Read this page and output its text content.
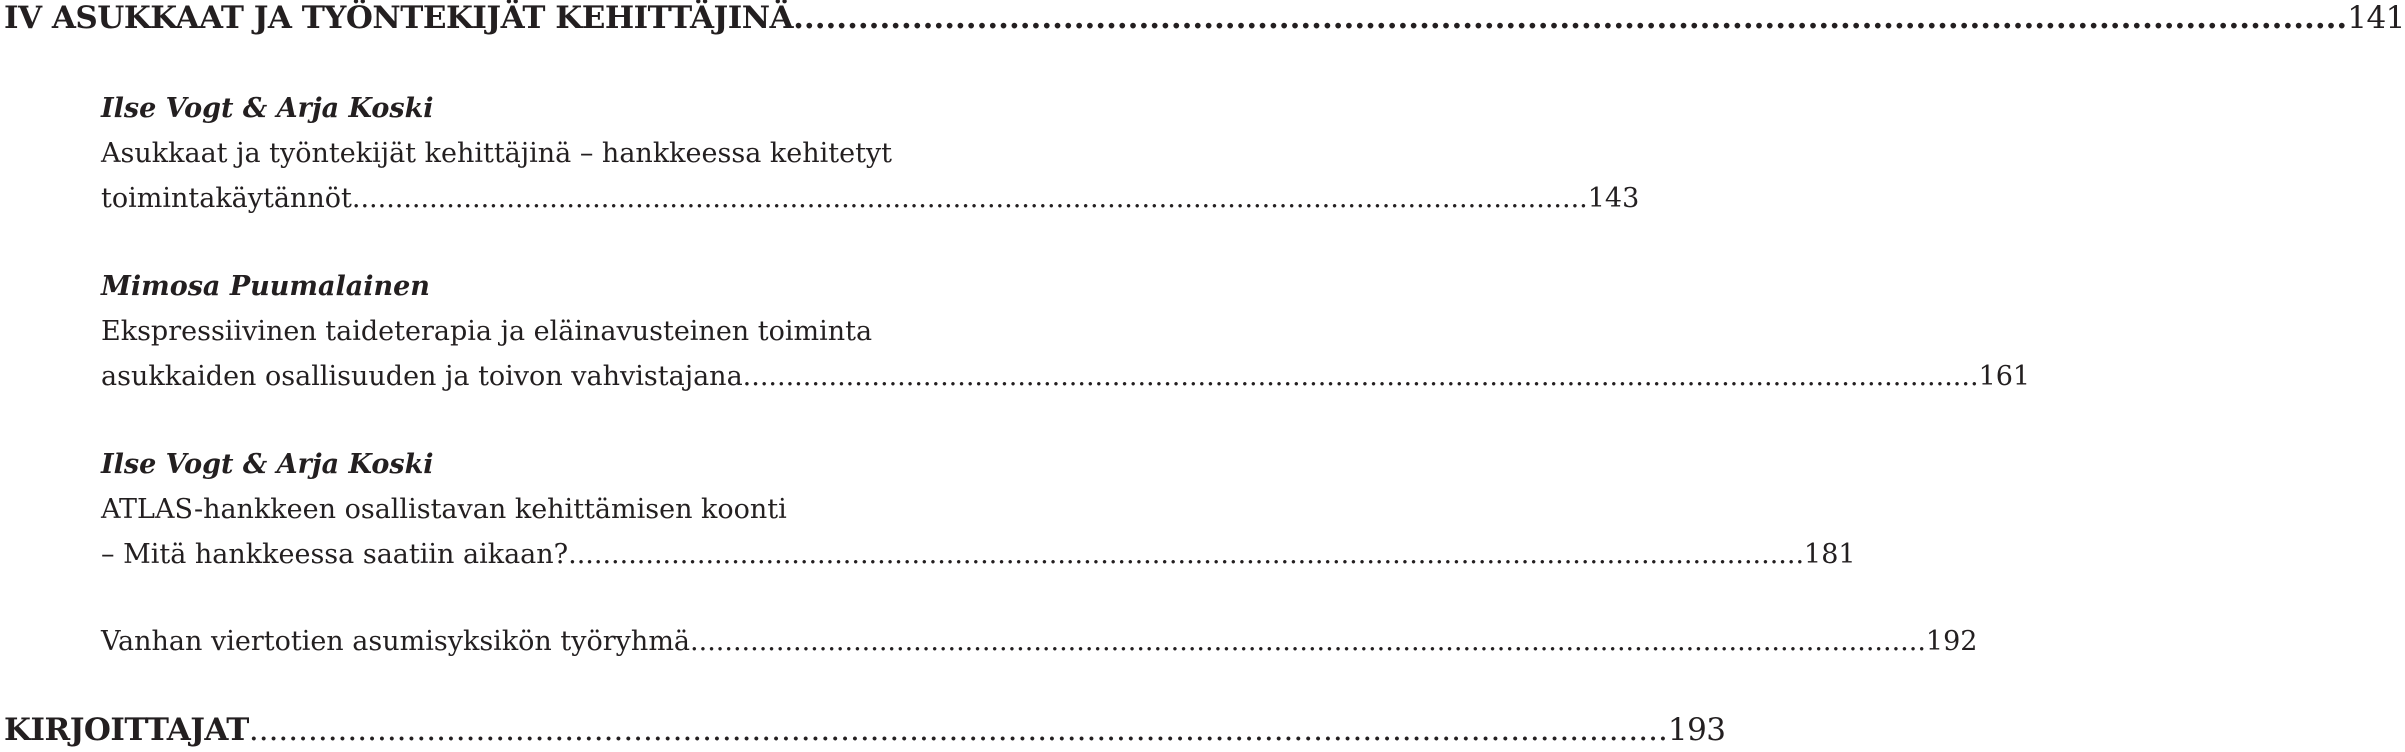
IV ASUKKAAT JA TYÖNTEKIJÄT KEHITTÄJINÄ ................................................................................................................................................ 141
Ilse Vogt & Arja Koski
Asukkaat ja työntekijät kehittäjinä – hankkeessa kehitetyt
toimintakäytännöt ................................................................................................................................................ 143
Mimosa Puumalainen
Ekspressiivinen taideterapia ja eläinavusteinen toiminta
asukkaiden osallisuuden ja toivon vahvistajana ................................................................................................................................................ 161
Ilse Vogt & Arja Koski
ATLAS-hankkeen osallistavan kehittämisen koonti
– Mitä hankkeessa saatiin aikaan? ................................................................................................................................................ 181
Vanhan viertotien asumisyksikön työryhmä ................................................................................................................................................ 192
KIRJOITTAJAT ................................................................................................................................................ 193
